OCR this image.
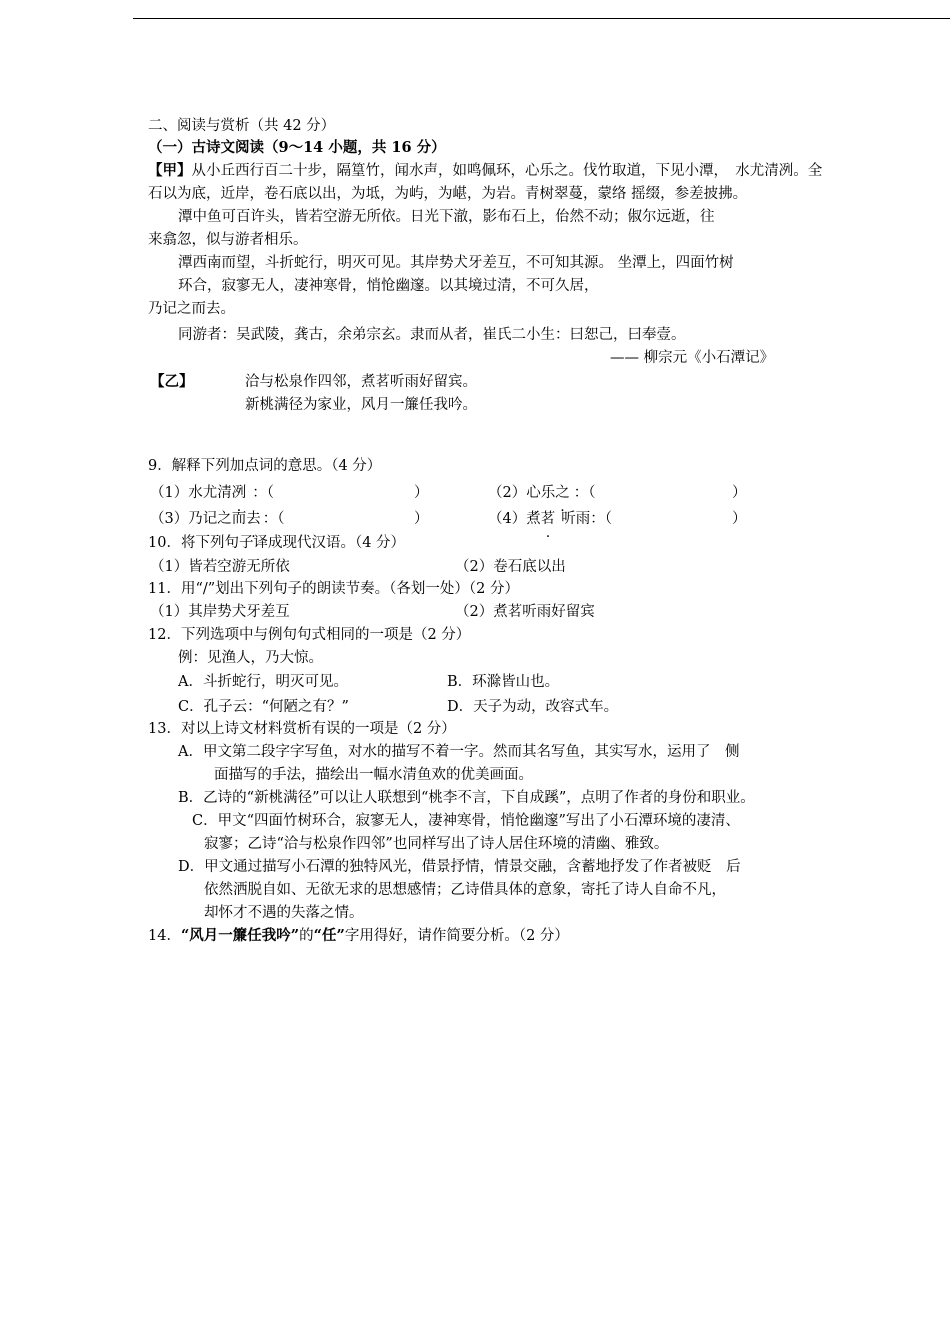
二、阅读与赏析（共 42 分）
（一）古诗文阅读（9～14 小题，共 16 分）
【甲】从小丘西行百二十步，隔篁竹，闻水声，如鸣佩环，心乐之。伐竹取道，下见小潭，　水尤清冽。全
石以为底，近岸，卷石底以出，为坻，为屿，为嵁，为岩。青树翠蔓，蒙络 摇缀，参差披拂。
潭中鱼可百许头，皆若空游无所依。日光下澈，影布石上，佁然不动；俶尔远逝，往
来翕忽，似与游者相乐。
潭西南而望，斗折蛇行，明灭可见。其岸势犬牙差互，不可知其源。 坐潭上，四面竹树
环合，寂寥无人，凄神寒骨，悄怆幽邃。以其境过清，不可久居，
乃记之而去。
同游者：吴武陵，龚古，余弟宗玄。隶而从者，崔氏二小生：曰恕己，曰奉壹。
—— 柳宗元《小石潭记》
【乙】	洽与松泉作四邻，煮茗听雨好留宾。
新桃满径为家业，风月一簾任我吟。
9．解释下列加点词的意思。（4 分）
（1）水尤清冽 ：（	）	（2）心乐之 ：（	）
（3）乃记之而去 ：（	）	（4）煮茗 听雨：（	）
10．将下列句子译成现代汉语。（4 分）
（1）皆若空游无所依	（2）卷石底以出
11．用“/”划出下列句子的朗读节奏。（各划一处）（2 分）
（1）其岸势犬牙差互	（2）煮茗听雨好留宾
12．下列选项中与例句句式相同的一项是（2 分）
例：见渔人，乃大惊。
A．斗折蛇行，明灭可见。	B．环滁皆山也。
C．孔子云：“何陋之有？”	D．天子为动，改容式车。
13．对以上诗文材料赏析有误的一项是（2 分）
A．甲文第二段字字写鱼，对水的描写不着一字。然而其名写鱼，其实写水，运用了　侧
面描写的手法，描绘出一幅水清鱼欢的优美画面。
B．乙诗的“新桃满径”可以让人联想到“桃李不言，下自成蹊”，点明了作者的身份和职业。
C．甲文“四面竹树环合，寂寥无人，凄神寒骨，悄怆幽邃”写出了小石潭环境的凄清、
寂寥；乙诗“洽与松泉作四邻”也同样写出了诗人居住环境的清幽、雅致。
D．甲文通过描写小石潭的独特风光，借景抒情，情景交融，含蓄地抒发了作者被贬　后
依然洒脱自如、无欲无求的思想感情；乙诗借具体的意象，寄托了诗人自命不凡，
却怀才不遇的失落之情。
14．“风月一簾任我吟”的“任”字用得好，请作简要分析。（2 分）
